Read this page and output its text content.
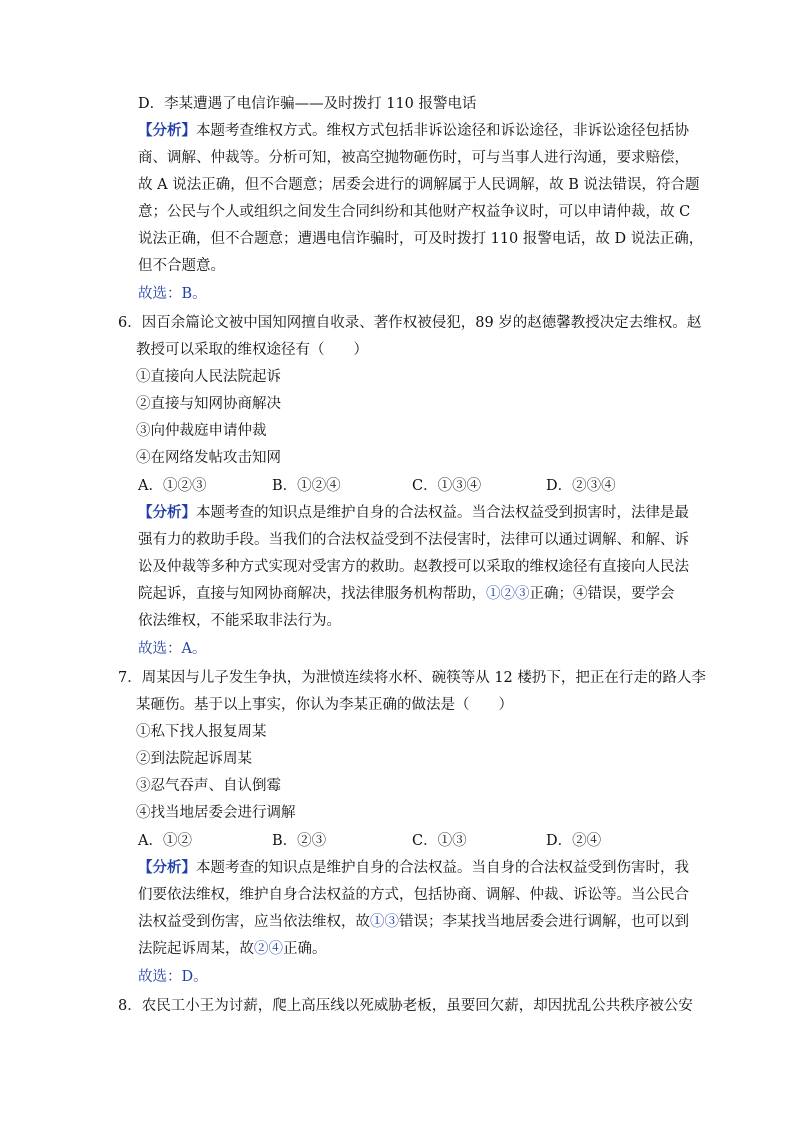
D．李某遭遇了电信诈骗——及时拨打 110 报警电话
【分析】本题考查维权方式。维权方式包括非诉讼途径和诉讼途径，非诉讼途径包括协
商、调解、仲裁等。分析可知，被高空抛物砸伤时，可与当事人进行沟通，要求赔偿，
故 A 说法正确，但不合题意；居委会进行的调解属于人民调解，故 B 说法错误，符合题
意；公民与个人或组织之间发生合同纠纷和其他财产权益争议时，可以申请仲裁，故 C
说法正确，但不合题意；遭遇电信诈骗时，可及时拨打 110 报警电话，故 D 说法正确，
但不合题意。
故选：B。
6．因百余篇论文被中国知网擅自收录、著作权被侵犯，89 岁的赵德馨教授决定去维权。赵
教授可以采取的维权途径有（　　）
①直接向人民法院起诉
②直接与知网协商解决
③向仲裁庭申请仲裁
④在网络发帖攻击知网
A．①②③	B．①②④	C．①③④	D．②③④
【分析】本题考查的知识点是维护自身的合法权益。当合法权益受到损害时，法律是最
强有力的救助手段。当我们的合法权益受到不法侵害时，法律可以通过调解、和解、诉
讼及仲裁等多种方式实现对受害方的救助。赵教授可以采取的维权途径有直接向人民法
院起诉，直接与知网协商解决，找法律服务机构帮助，①②③正确；④错误，要学会
依法维权，不能采取非法行为。
故选：A。
7．周某因与儿子发生争执，为泄愤连续将水杯、碗筷等从 12 楼扔下，把正在行走的路人李
某砸伤。基于以上事实，你认为李某正确的做法是（　　）
①私下找人报复周某
②到法院起诉周某
③忍气吞声、自认倒霉
④找当地居委会进行调解
A．①②	B．②③	C．①③	D．②④
【分析】本题考查的知识点是维护自身的合法权益。当自身的合法权益受到伤害时，我
们要依法维权，维护自身合法权益的方式，包括协商、调解、仲裁、诉讼等。当公民合
法权益受到伤害，应当依法维权，故①③错误；李某找当地居委会进行调解，也可以到
法院起诉周某，故②④正确。
故选：D。
8．农民工小王为讨薪，爬上高压线以死威胁老板，虽要回欠薪，却因扰乱公共秩序被公安
